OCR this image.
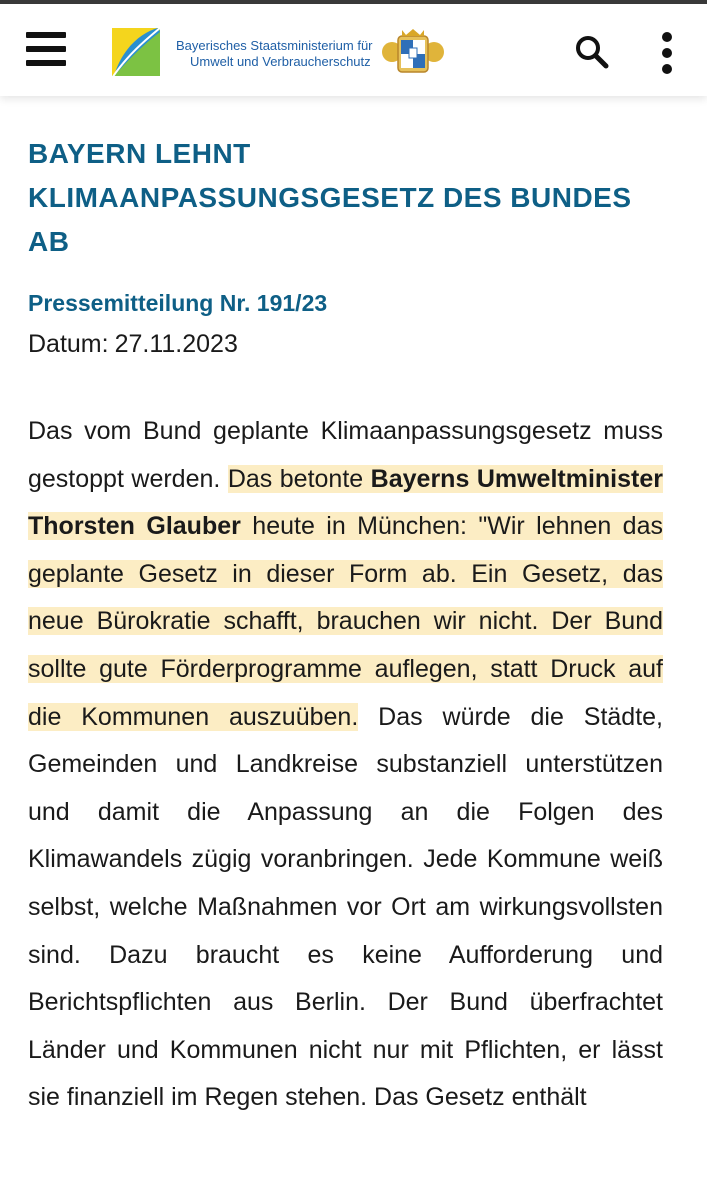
Bayerisches Staatsministerium für
Umwelt und Verbraucherschutz
BAYERN LEHNT KLIMAANPASSUNGSGESETZ DES BUNDES AB
Pressemitteilung Nr. 191/23
Datum: 27.11.2023

Das vom Bund geplante Klimaanpassungsgesetz muss gestoppt werden. Das betonte Bayerns Umweltminister Thorsten Glauber heute in München: "Wir lehnen das geplante Gesetz in dieser Form ab. Ein Gesetz, das neue Bürokratie schafft, brauchen wir nicht. Der Bund sollte gute Förderprogramme auflegen, statt Druck auf die Kommunen auszuüben. Das würde die Städte, Gemeinden und Landkreise substanziell unterstützen und damit die Anpassung an die Folgen des Klimawandels zügig voranbringen. Jede Kommune weiß selbst, welche Maßnahmen vor Ort am wirkungsvollsten sind. Dazu braucht es keine Aufforderung und Berichtspflichten aus Berlin. Der Bund überfrachtet Länder und Kommunen nicht nur mit Pflichten, er lässt sie finanziell im Regen stehen. Das Gesetz enthält
